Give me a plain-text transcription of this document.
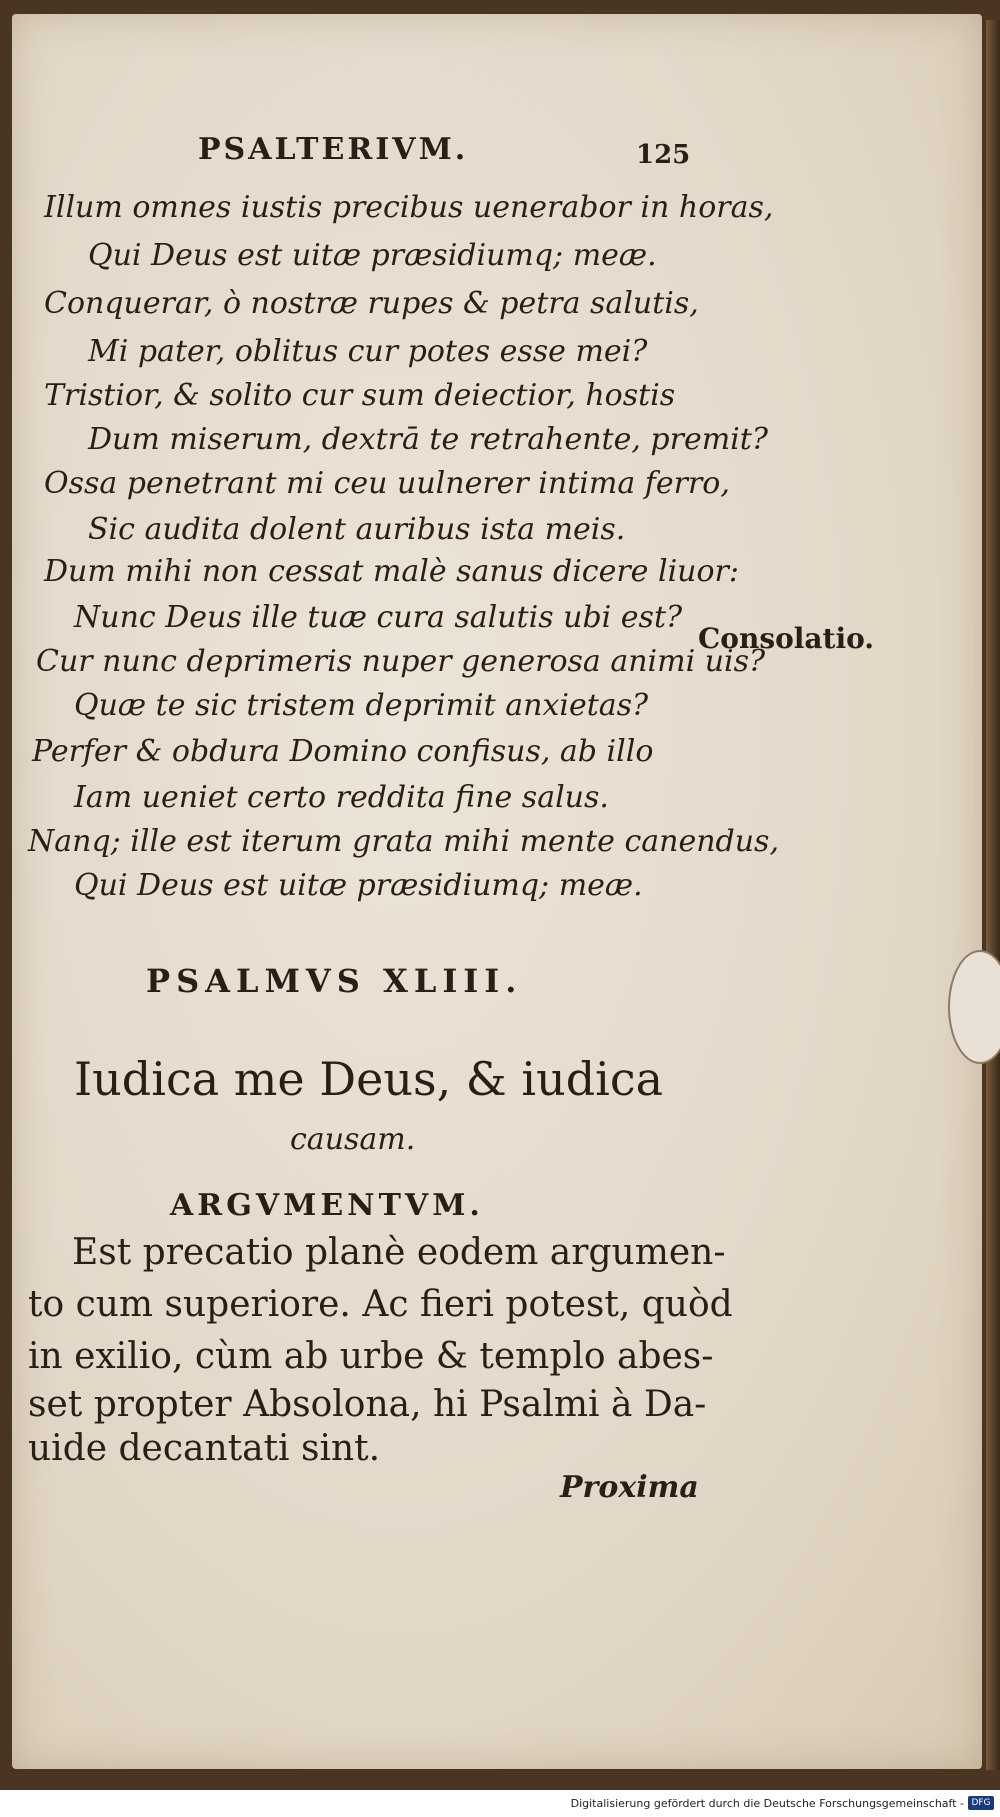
PSALTERIVM.	125
Illum omnes iustis precibus uenerabor in horas,
Qui Deus est uitæ præsidiumq; meæ.
Conquerar, ò nostræ rupes & petra salutis,
Mi pater, oblitus cur potes esse mei?
Tristior, & solito cur sum deiectior, hostis
Dum miserum, dextrā te retrahente, premit?
Ossa penetrant mi ceu uulnerer intima ferro,
Sic audita dolent auribus ista meis.
Dum mihi non cessat malè sanus dicere liuor:
Nunc Deus ille tuæ cura salutis ubi est?
Cur nunc deprimeris nuper generosa animi uis?
Quæ te sic tristem deprimit anxietas?
Perfer & obdura Domino confisus, ab illo
Iam ueniet certo reddita fine salus.
Nanq; ille est iterum grata mihi mente canendus,
Qui Deus est uitæ præsidiumq; meæ.
Consolatio.
PSALMVS XLIII.
Iudica me Deus, & iudica
causam.
ARGVMENTVM.
Est precatio planè eodem argumen-
to cum superiore. Ac fieri potest, quòd
in exilio, cùm ab urbe & templo abes-
set propter Absolona, hi Psalmi à Da-
uide decantati sint.
Proxima
Digitalisierung gefördert durch die Deutsche Forschungsgemeinschaft - DFG
